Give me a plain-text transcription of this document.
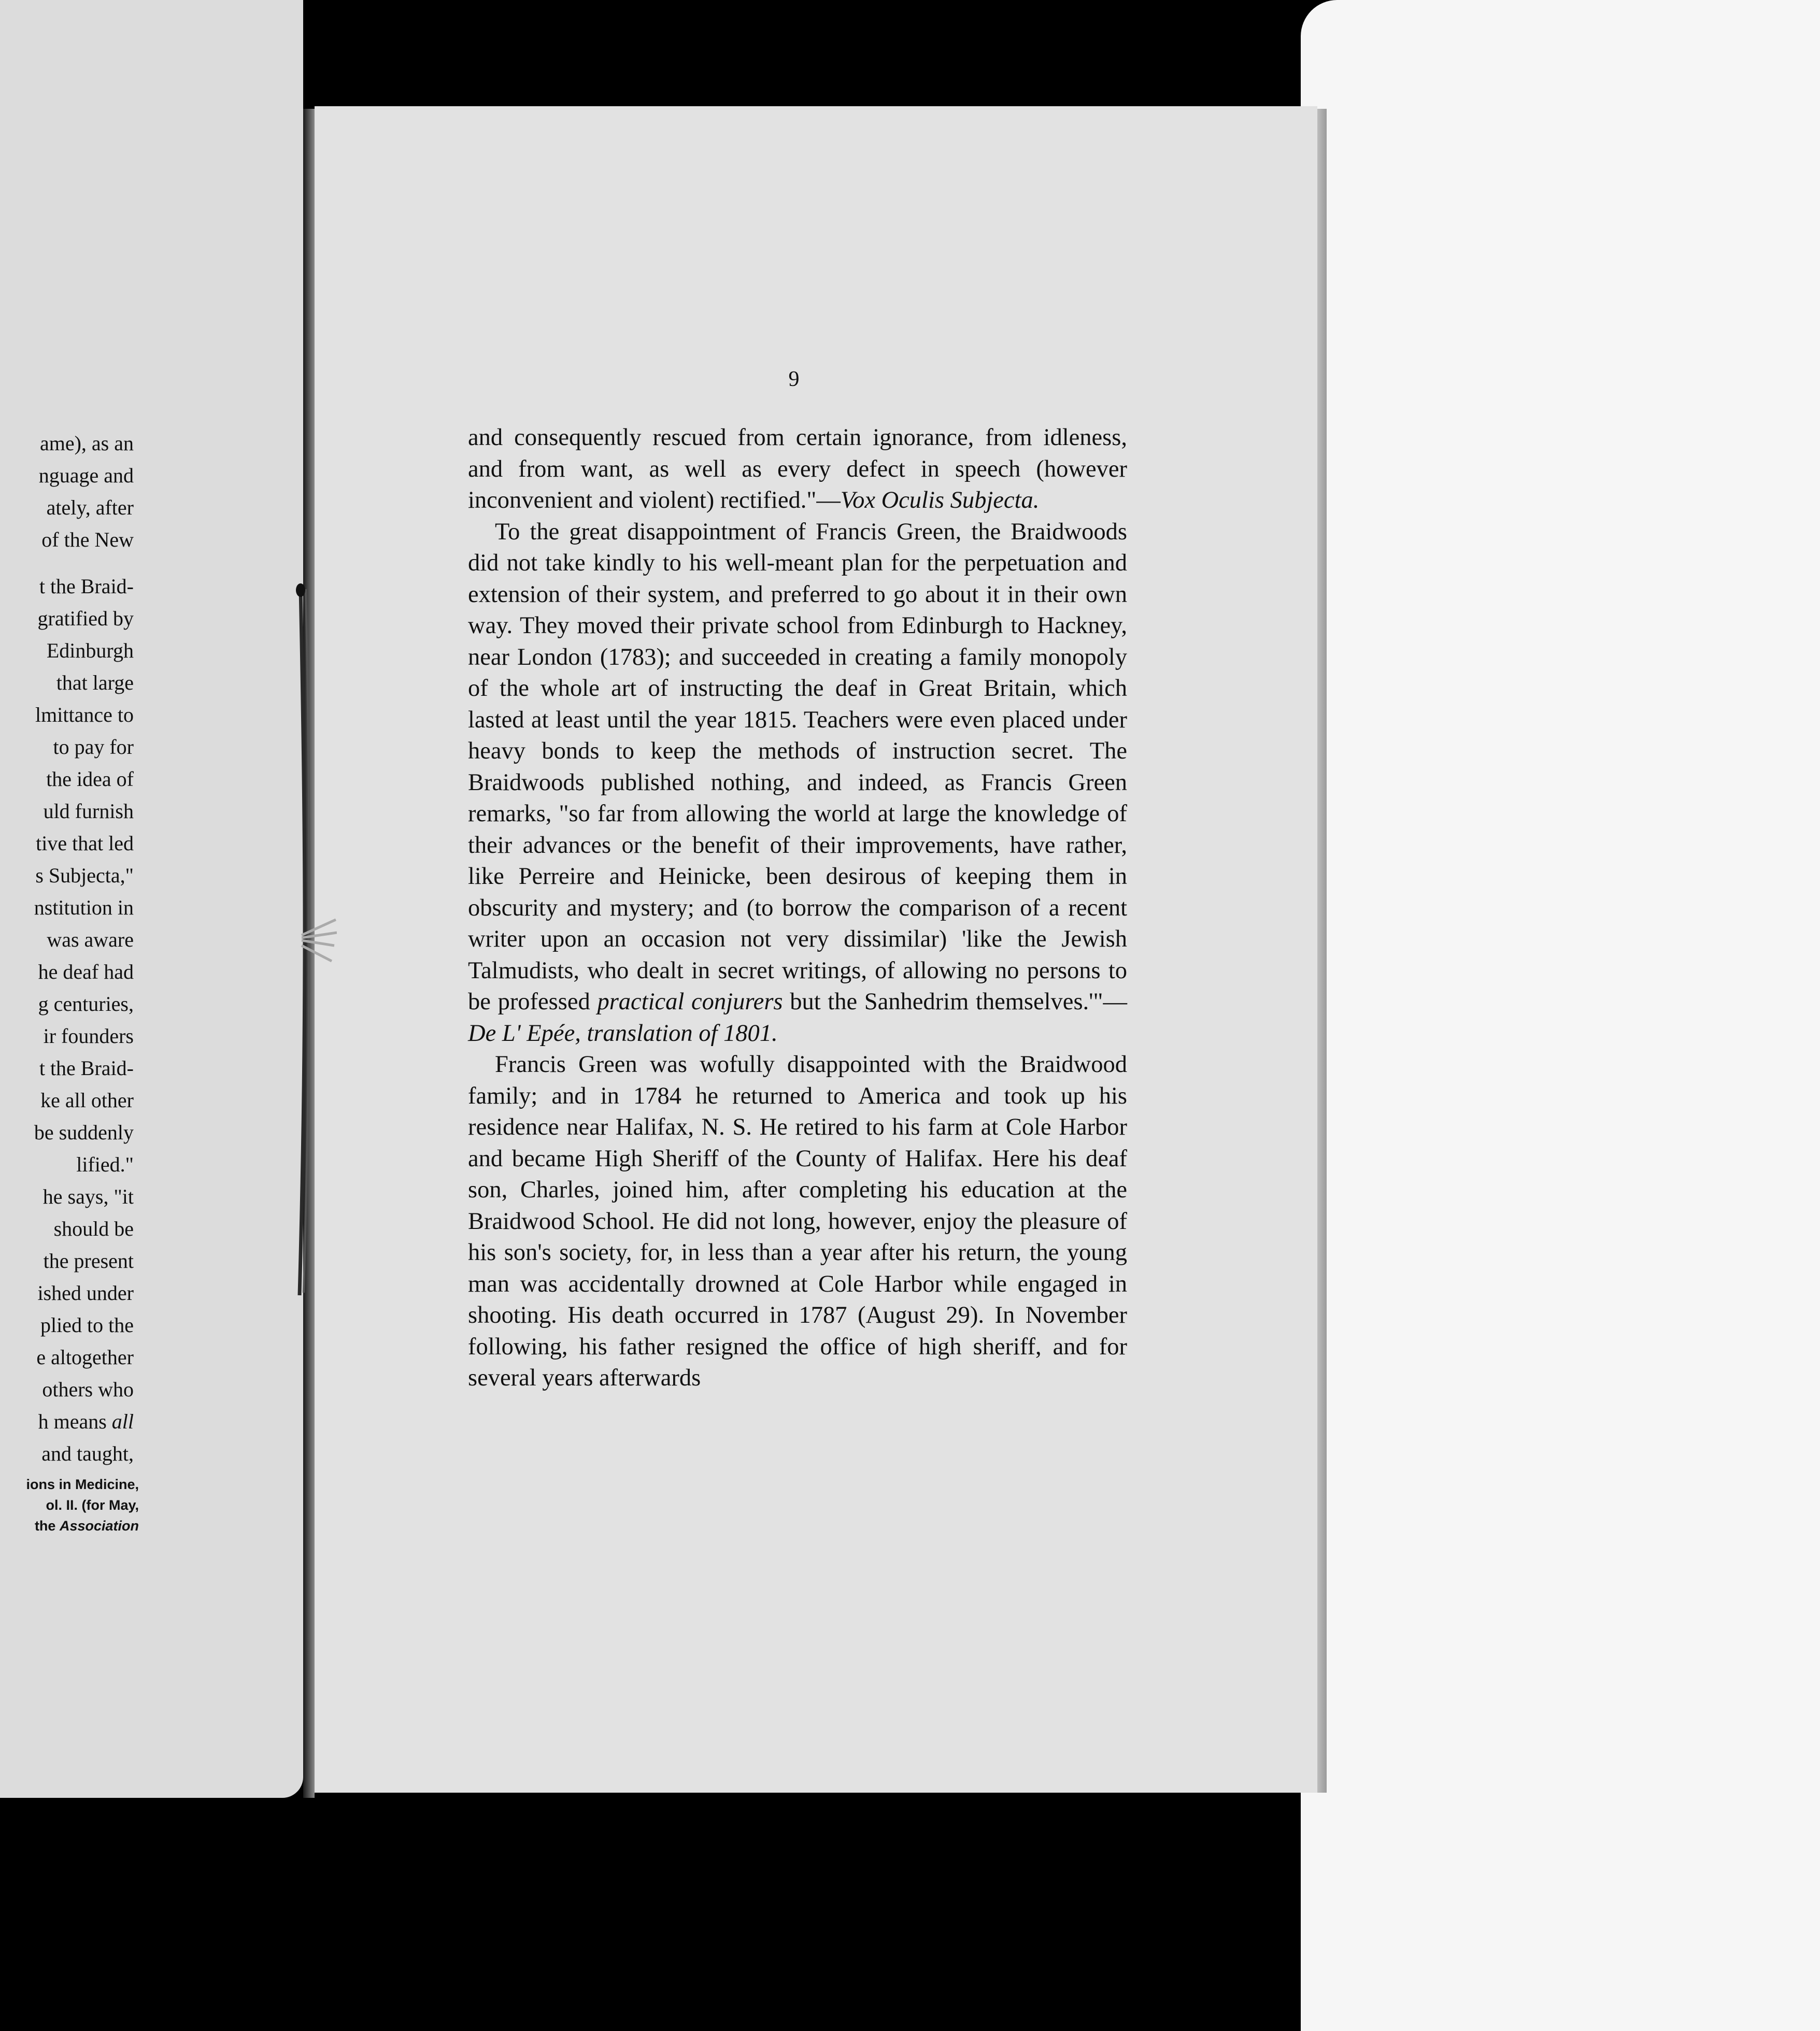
ame), as an
nguage and
ately, after
of the New
t the Braid-
gratified by
Edinburgh
that large
lmittance to
to pay for
the idea of
uld furnish
tive that led
s Subjecta,"
nstitution in
was aware
he deaf had
g centuries,
ir founders
t the Braid-
ke all other
be suddenly
lified."
he says, "it
should be
the present
ished under
plied to the
e altogether
others who
h means all
and taught,
ions in Medicine,
ol. II. (for May,
the Association
9

and consequently rescued from certain ignorance, from idleness, and from want, as well as every defect in speech (however inconvenient and violent) rectified."—Vox Oculis Subjecta.

To the great disappointment of Francis Green, the Braidwoods did not take kindly to his well-meant plan for the perpetuation and extension of their system, and preferred to go about it in their own way. They moved their private school from Edinburgh to Hackney, near London (1783); and succeeded in creating a family monopoly of the whole art of instructing the deaf in Great Britain, which lasted at least until the year 1815. Teachers were even placed under heavy bonds to keep the methods of instruction secret. The Braidwoods published nothing, and indeed, as Francis Green remarks, "so far from allowing the world at large the knowledge of their advances or the benefit of their improvements, have rather, like Perreire and Heinicke, been desirous of keeping them in obscurity and mystery; and (to borrow the comparison of a recent writer upon an occasion not very dissimilar) 'like the Jewish Talmudists, who dealt in secret writings, of allowing no persons to be professed practical conjurers but the Sanhedrim themselves.'"—De L' Epée, translation of 1801.

Francis Green was wofully disappointed with the Braidwood family; and in 1784 he returned to America and took up his residence near Halifax, N. S. He retired to his farm at Cole Harbor and became High Sheriff of the County of Halifax. Here his deaf son, Charles, joined him, after completing his education at the Braidwood School. He did not long, however, enjoy the pleasure of his son's society, for, in less than a year after his return, the young man was accidentally drowned at Cole Harbor while engaged in shooting. His death occurred in 1787 (August 29). In November following, his father resigned the office of high sheriff, and for several years afterwards
